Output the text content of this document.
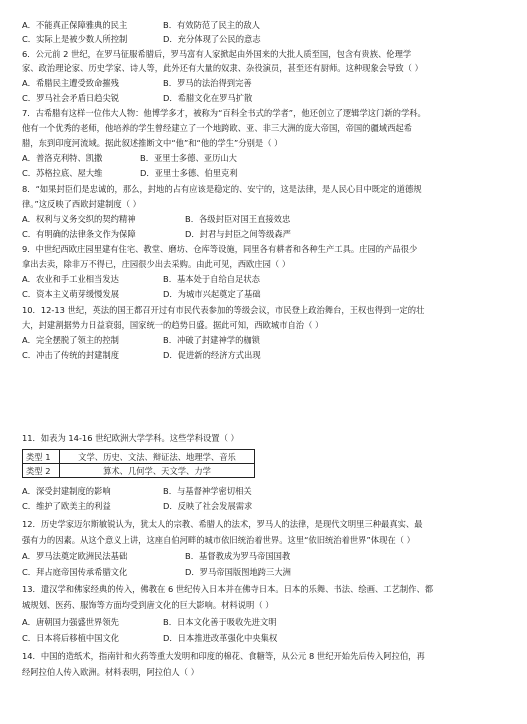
A．不能真正保障雅典的民主	B．有效防范了民主的敌人
C．实际上是被少数人所控制	D．充分体现了公民的意志
6．公元前 2 世纪，在罗马征服希腊后，罗马富有人家掀起由外国来的大批人质至国，包含有贵族、伦理学
家、政治理论家、历史学家、诗人等，此外还有大量的奴隶、杂役演员，甚至还有厨师。这种现象会导致（ ）
A．希腊民主遭受致命摧残	B．罗马的法治得到完善
C．罗马社会矛盾日趋尖锐	D．希腊文化在罗马扩散
7．古希腊有这样一位伟大人物：他博学多才，被称为“百科全书式的学者”，他还创立了逻辑学这门新的学科。
他有一个优秀的老师，他培养的学生曾经建立了一个地跨欧、亚、非三大洲的庞大帝国，帝国的疆域西起希
腊，东到印度河流域。据此叙述推断文中“他”和“他的学生”分别是（ ）
A．普洛克利特、凯撒	B．亚里士多德、亚历山大
C．苏格拉底、屋大维	D．亚里士多德、伯里克利
8．“如果封臣们是忠诚的，那么，封地的占有应该是稳定的、安宁的，这是法律，是人民心目中既定的道德规
律。”这反映了西欧封建制度（ ）
A．权利与义务交织的契约精神	B．各级封臣对国王直接效忠
C．有明确的法律条文作为保障	D．封君与封臣之间等级森严
9．中世纪西欧庄园里建有住宅、教堂、磨坊、仓库等设施，同里各有耕者和各种生产工具。庄园的产品很少
拿出去卖，除非万不得已，庄园很少出去采购。由此可见，西欧庄园（ ）
A．农业和手工业相当发达	B．基本处于自给自足状态
C．资本主义萌芽缓慢发展	D．为城市兴起奠定了基础
10．12-13 世纪，英法的国王都召开过有市民代表参加的等级会议，市民登上政治舞台，王权也得到一定的壮
大，封建割据势力日益衰弱，国家统一的趋势日盛。据此可知，西欧城市自治（ ）
A．完全摆脱了领主的控制	B．冲破了封建神学的枷锁
C．冲击了传统的封建制度	D．促进新的经济方式出现
11．如表为 14-16 世纪欧洲大学学科。这些学科设置（ ）
类型 1	文学、历史、文法、辩证法、地理学、音乐
类型 2	算术、几何学、天文学、力学
A．深受封建制度的影响	B．与基督神学密切相关
C．维护了欧美主的利益	D．反映了社会发展需求
12．历史学家迈尔斯敏锐认为，犹太人的宗教、希腊人的法术，罗马人的法律，是现代文明里三种最真实、最
强有力的因素。从这个意义上讲，这座自伯河畔的城市依旧统治着世界。这里“依旧统治着世界”体现在（ ）
A．罗马法奠定欧洲民法基础	B．基督教成为罗马帝国国教
C．拜占庭帝国传承希腊文化	D．罗马帝国版图地跨三大洲
13．遣汉学和佛家经典的传入，佛教在 6 世纪传入日本并在佛寺日本。日本的乐舞、书法、绘画、工艺制作、都
城规划、医药、服饰等方面均受到唐文化的巨大影响。材料说明（ ）
A．唐朝国力强盛世界领先	B．日本文化善于吸收先进文明
C．日本将后移植中国文化	D．日本推进改革强化中央集权
14．中国的造纸术，指南针和火药等重大发明和印度的棉花、食糖等，从公元 8 世纪开始先后传入阿拉伯，再
经阿拉伯人传入欧洲。材料表明，阿拉伯人（ ）
